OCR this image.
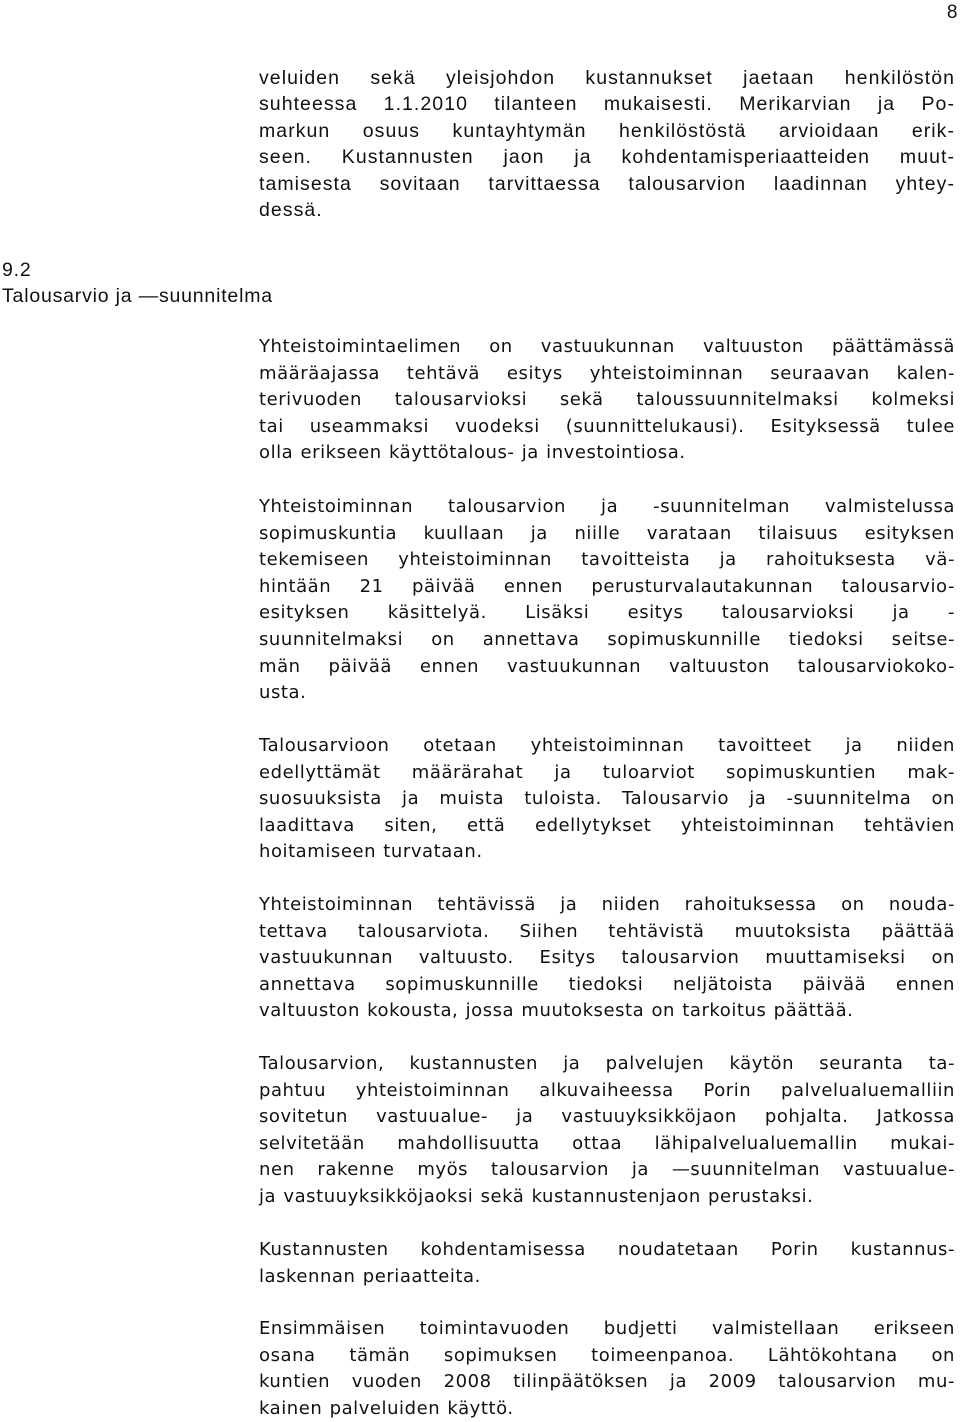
8

veluiden sekä yleisjohdon kustannukset jaetaan henkilöstön
suhteessa 1.1.2010 tilanteen mukaisesti. Merikarvian ja Po-
markun osuus kuntayhtymän henkilöstöstä arvioidaan erik-
seen. Kustannusten jaon ja kohdentamisperiaatteiden muut-
tamisesta sovitaan tarvittaessa talousarvion laadinnan yhtey-
dessä.

9.2
Talousarvio ja —suunnitelma

Yhteistoimintaelimen on vastuukunnan valtuuston päättämässä
määräajassa tehtävä esitys yhteistoiminnan seuraavan kalen-
terivuoden talousarvioksi sekä taloussuunnitelmaksi kolmeksi
tai useammaksi vuodeksi (suunnittelukausi). Esityksessä tulee
olla erikseen käyttötalous- ja investointiosa.

Yhteistoiminnan talousarvion ja -suunnitelman valmistelussa
sopimuskuntia kuullaan ja niille varataan tilaisuus esityksen
tekemiseen yhteistoiminnan tavoitteista ja rahoituksesta vä-
hintään 21 päivää ennen perusturvalautakunnan talousarvio-
esityksen käsittelyä. Lisäksi esitys talousarvioksi ja -
suunnitelmaksi on annettava sopimuskunnille tiedoksi seitse-
män päivää ennen vastuukunnan valtuuston talousarviokoko-
usta.

Talousarvioon otetaan yhteistoiminnan tavoitteet ja niiden
edellyttämät määrärahat ja tuloarviot sopimuskuntien mak-
suosuuksista ja muista tuloista. Talousarvio ja -suunnitelma on
laadittava siten, että edellytykset yhteistoiminnan tehtävien
hoitamiseen turvataan.

Yhteistoiminnan tehtävissä ja niiden rahoituksessa on nouda-
tettava talousarviota. Siihen tehtävistä muutoksista päättää
vastuukunnan valtuusto. Esitys talousarvion muuttamiseksi on
annettava sopimuskunnille tiedoksi neljätoista päivää ennen
valtuuston kokousta, jossa muutoksesta on tarkoitus päättää.

Talousarvion, kustannusten ja palvelujen käytön seuranta ta-
pahtuu yhteistoiminnan alkuvaiheessa Porin palvelualuemalliin
sovitetun vastuualue- ja vastuuyksikköjaon pohjalta. Jatkossa
selvitetään mahdollisuutta ottaa lähipalvelualuemallin mukai-
nen rakenne myös talousarvion ja —suunnitelman vastuualue-
ja vastuuyksikköjaoksi sekä kustannustenjaon perustaksi.

Kustannusten kohdentamisessa noudatetaan Porin kustannus-
laskennan periaatteita.

Ensimmäisen toimintavuoden budjetti valmistellaan erikseen
osana tämän sopimuksen toimeenpanoa. Lähtökohtana on
kuntien vuoden 2008 tilinpäätöksen ja 2009 talousarvion mu-
kainen palveluiden käyttö.
